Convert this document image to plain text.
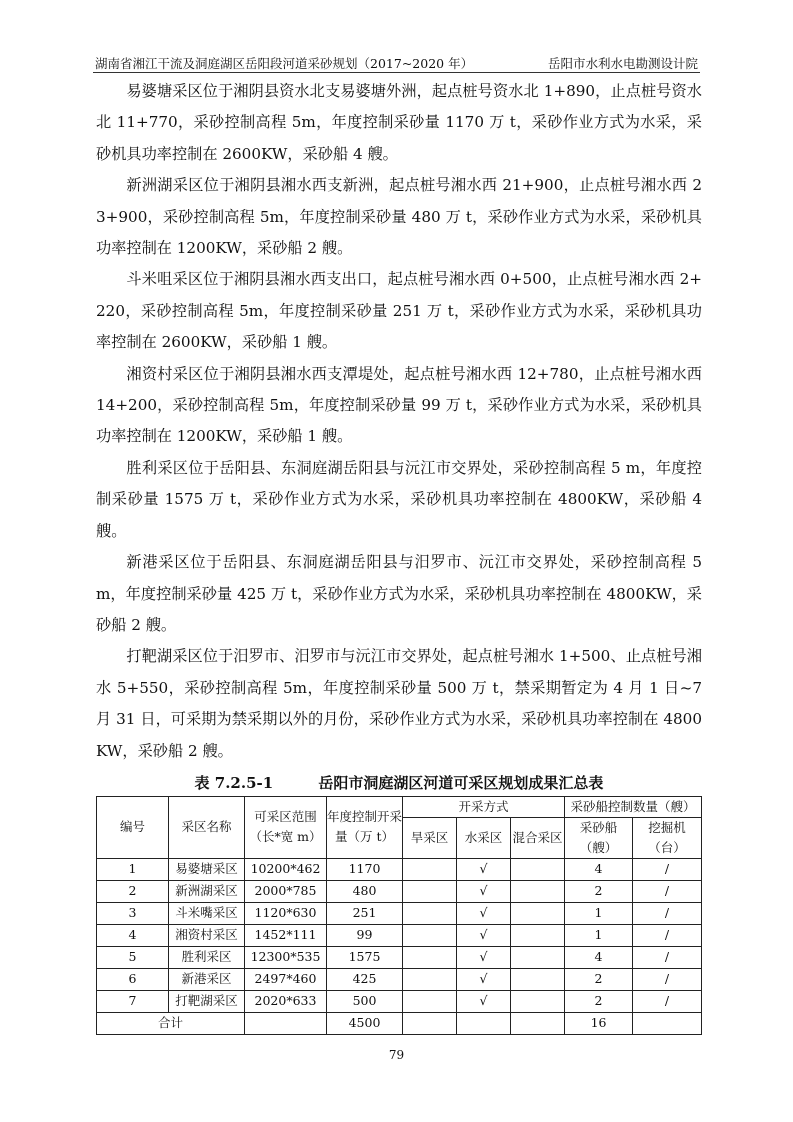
湖南省湘江干流及洞庭湖区岳阳段河道采砂规划（2017~2020 年）	岳阳市水利水电勘测设计院

易婆塘采区位于湘阴县资水北支易婆塘外洲，起点桩号资水北 1+890，止点桩号资水北 11+770，采砂控制高程 5m，年度控制采砂量 1170 万 t，采砂作业方式为水采，采砂机具功率控制在 2600KW，采砂船 4 艘。

新洲湖采区位于湘阴县湘水西支新洲，起点桩号湘水西 21+900，止点桩号湘水西 23+900，采砂控制高程 5m，年度控制采砂量 480 万 t，采砂作业方式为水采，采砂机具功率控制在 1200KW，采砂船 2 艘。

斗米咀采区位于湘阴县湘水西支出口，起点桩号湘水西 0+500，止点桩号湘水西 2+220，采砂控制高程 5m，年度控制采砂量 251 万 t，采砂作业方式为水采，采砂机具功率控制在 2600KW，采砂船 1 艘。

湘资村采区位于湘阴县湘水西支潭堤处，起点桩号湘水西 12+780，止点桩号湘水西 14+200，采砂控制高程 5m，年度控制采砂量 99 万 t，采砂作业方式为水采，采砂机具功率控制在 1200KW，采砂船 1 艘。

胜利采区位于岳阳县、东洞庭湖岳阳县与沅江市交界处，采砂控制高程 5 m，年度控制采砂量 1575 万 t，采砂作业方式为水采，采砂机具功率控制在 4800KW，采砂船 4 艘。

新港采区位于岳阳县、东洞庭湖岳阳县与汨罗市、沅江市交界处，采砂控制高程 5 m，年度控制采砂量 425 万 t，采砂作业方式为水采，采砂机具功率控制在 4800KW，采砂船 2 艘。

打靶湖采区位于汨罗市、汨罗市与沅江市交界处，起点桩号湘水 1+500、止点桩号湘水 5+550，采砂控制高程 5m，年度控制采砂量 500 万 t，禁采期暂定为 4 月 1 日~7 月 31 日，可采期为禁采期以外的月份，采砂作业方式为水采，采砂机具功率控制在 4800KW，采砂船 2 艘。

表 7.2.5-1	岳阳市洞庭湖区河道可采区规划成果汇总表
编号	采区名称	可采区范围（长*宽 m）	年度控制开采量（万 t）	开采方式			采砂船控制数量（艘）	
				旱采区	水采区	混合采区	采砂船（艘）	挖掘机（台）
1	易婆塘采区	10200*462	1170		√		4	/
2	新洲湖采区	2000*785	480		√		2	/
3	斗米嘴采区	1120*630	251		√		1	/
4	湘资村采区	1452*111	99		√		1	/
5	胜利采区	12300*535	1575		√		4	/
6	新港采区	2497*460	425		√		2	/
7	打靶湖采区	2020*633	500		√		2	/
合计			4500				16	
79
